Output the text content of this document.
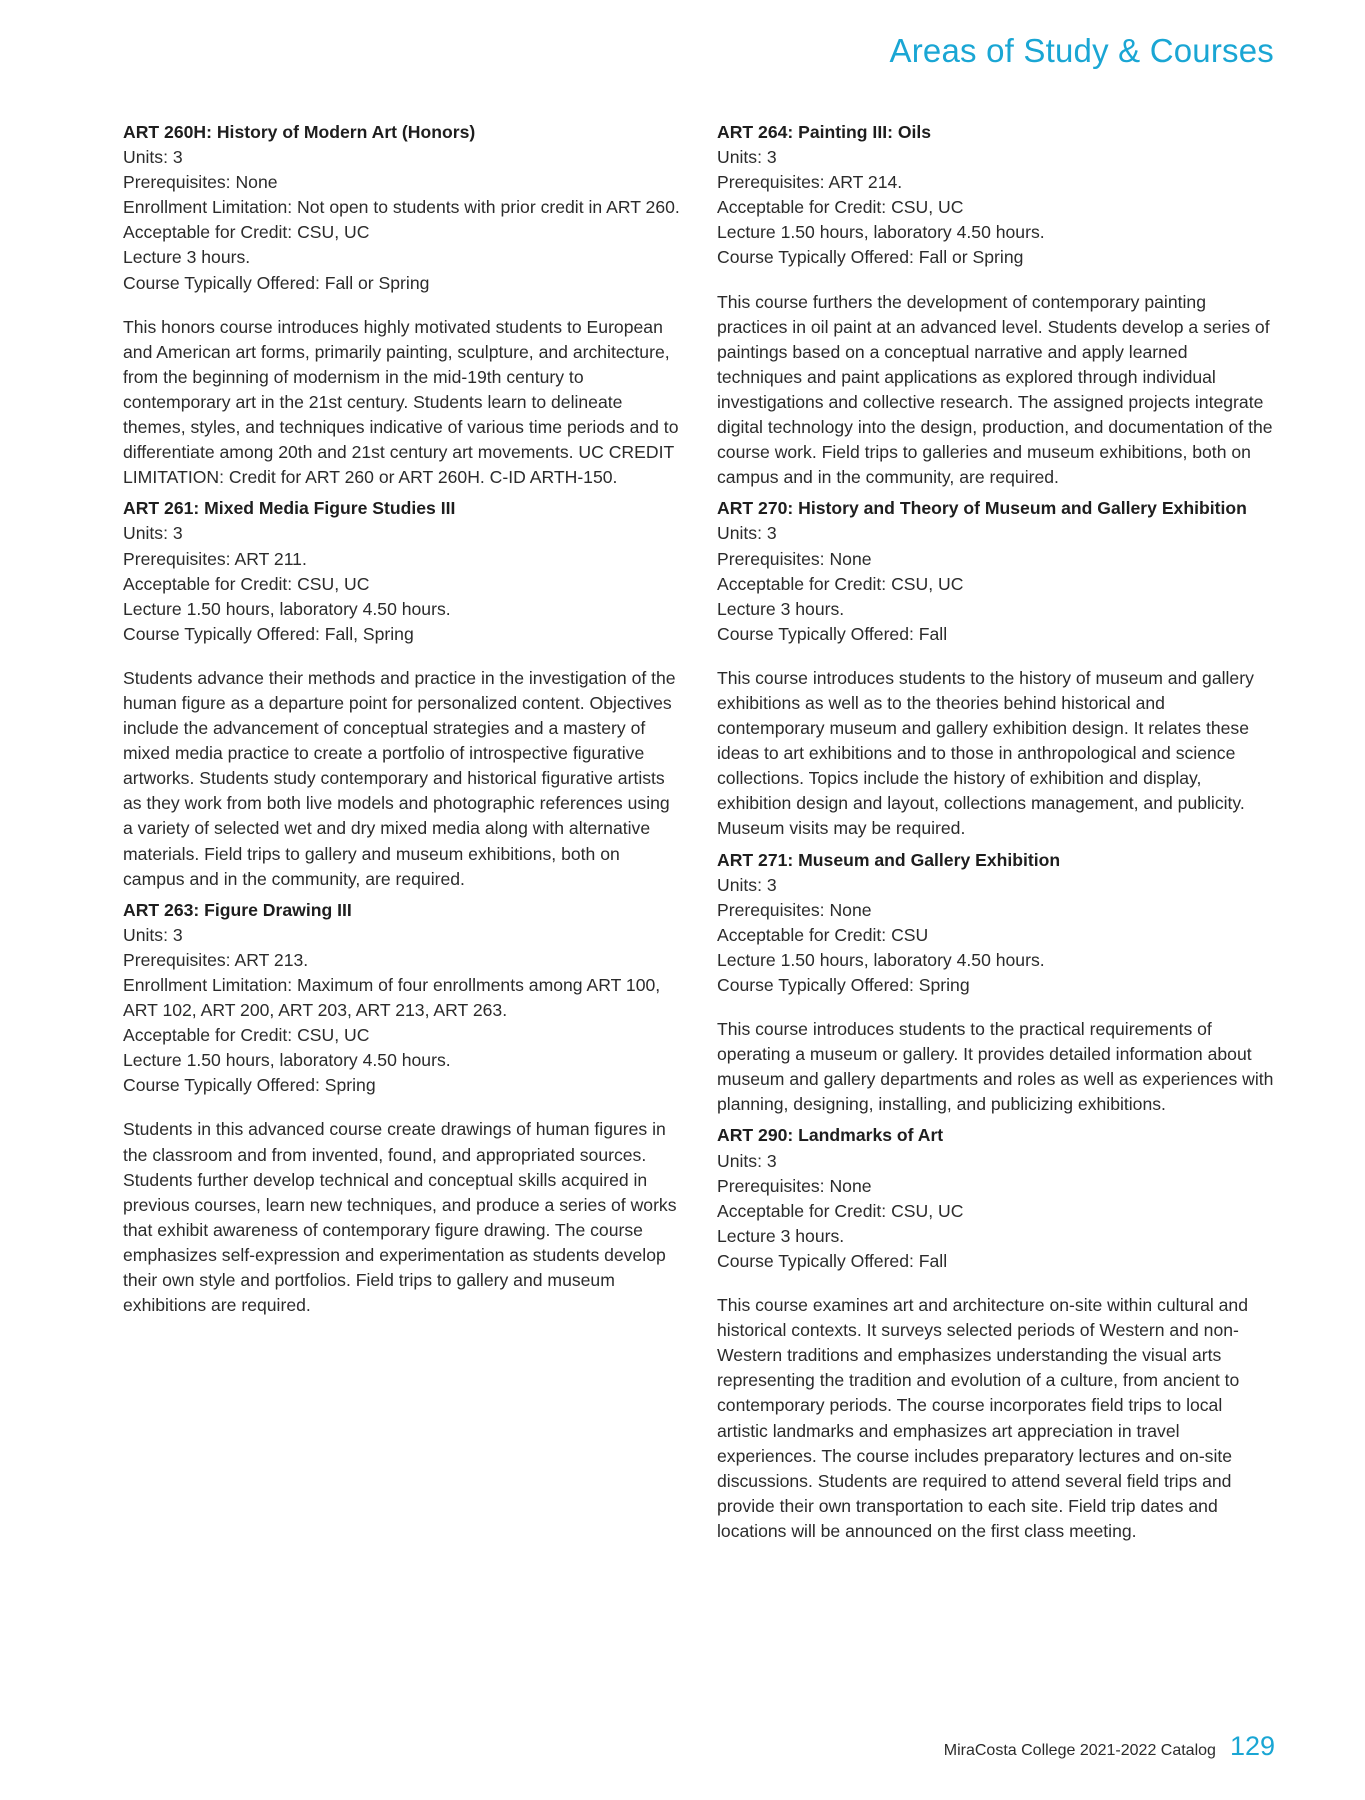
Areas of Study & Courses
ART 260H: History of Modern Art (Honors)
Units: 3
Prerequisites: None
Enrollment Limitation: Not open to students with prior credit in ART 260.
Acceptable for Credit: CSU, UC
Lecture 3 hours.
Course Typically Offered: Fall or Spring
This honors course introduces highly motivated students to European and American art forms, primarily painting, sculpture, and architecture, from the beginning of modernism in the mid-19th century to contemporary art in the 21st century. Students learn to delineate themes, styles, and techniques indicative of various time periods and to differentiate among 20th and 21st century art movements. UC CREDIT LIMITATION: Credit for ART 260 or ART 260H. C-ID ARTH-150.
ART 261: Mixed Media Figure Studies III
Units: 3
Prerequisites: ART 211.
Acceptable for Credit: CSU, UC
Lecture 1.50 hours, laboratory 4.50 hours.
Course Typically Offered: Fall, Spring
Students advance their methods and practice in the investigation of the human figure as a departure point for personalized content. Objectives include the advancement of conceptual strategies and a mastery of mixed media practice to create a portfolio of introspective figurative artworks. Students study contemporary and historical figurative artists as they work from both live models and photographic references using a variety of selected wet and dry mixed media along with alternative materials. Field trips to gallery and museum exhibitions, both on campus and in the community, are required.
ART 263: Figure Drawing III
Units: 3
Prerequisites: ART 213.
Enrollment Limitation: Maximum of four enrollments among ART 100, ART 102, ART 200, ART 203, ART 213, ART 263.
Acceptable for Credit: CSU, UC
Lecture 1.50 hours, laboratory 4.50 hours.
Course Typically Offered: Spring
Students in this advanced course create drawings of human figures in the classroom and from invented, found, and appropriated sources. Students further develop technical and conceptual skills acquired in previous courses, learn new techniques, and produce a series of works that exhibit awareness of contemporary figure drawing. The course emphasizes self-expression and experimentation as students develop their own style and portfolios. Field trips to gallery and museum exhibitions are required.
ART 264: Painting III: Oils
Units: 3
Prerequisites: ART 214.
Acceptable for Credit: CSU, UC
Lecture 1.50 hours, laboratory 4.50 hours.
Course Typically Offered: Fall or Spring
This course furthers the development of contemporary painting practices in oil paint at an advanced level. Students develop a series of paintings based on a conceptual narrative and apply learned techniques and paint applications as explored through individual investigations and collective research. The assigned projects integrate digital technology into the design, production, and documentation of the course work. Field trips to galleries and museum exhibitions, both on campus and in the community, are required.
ART 270: History and Theory of Museum and Gallery Exhibition
Units: 3
Prerequisites: None
Acceptable for Credit: CSU, UC
Lecture 3 hours.
Course Typically Offered: Fall
This course introduces students to the history of museum and gallery exhibitions as well as to the theories behind historical and contemporary museum and gallery exhibition design. It relates these ideas to art exhibitions and to those in anthropological and science collections. Topics include the history of exhibition and display, exhibition design and layout, collections management, and publicity. Museum visits may be required.
ART 271: Museum and Gallery Exhibition
Units: 3
Prerequisites: None
Acceptable for Credit: CSU
Lecture 1.50 hours, laboratory 4.50 hours.
Course Typically Offered: Spring
This course introduces students to the practical requirements of operating a museum or gallery. It provides detailed information about museum and gallery departments and roles as well as experiences with planning, designing, installing, and publicizing exhibitions.
ART 290: Landmarks of Art
Units: 3
Prerequisites: None
Acceptable for Credit: CSU, UC
Lecture 3 hours.
Course Typically Offered: Fall
This course examines art and architecture on-site within cultural and historical contexts. It surveys selected periods of Western and non-Western traditions and emphasizes understanding the visual arts representing the tradition and evolution of a culture, from ancient to contemporary periods. The course incorporates field trips to local artistic landmarks and emphasizes art appreciation in travel experiences. The course includes preparatory lectures and on-site discussions. Students are required to attend several field trips and provide their own transportation to each site. Field trip dates and locations will be announced on the first class meeting.
MiraCosta College 2021-2022 Catalog 129
